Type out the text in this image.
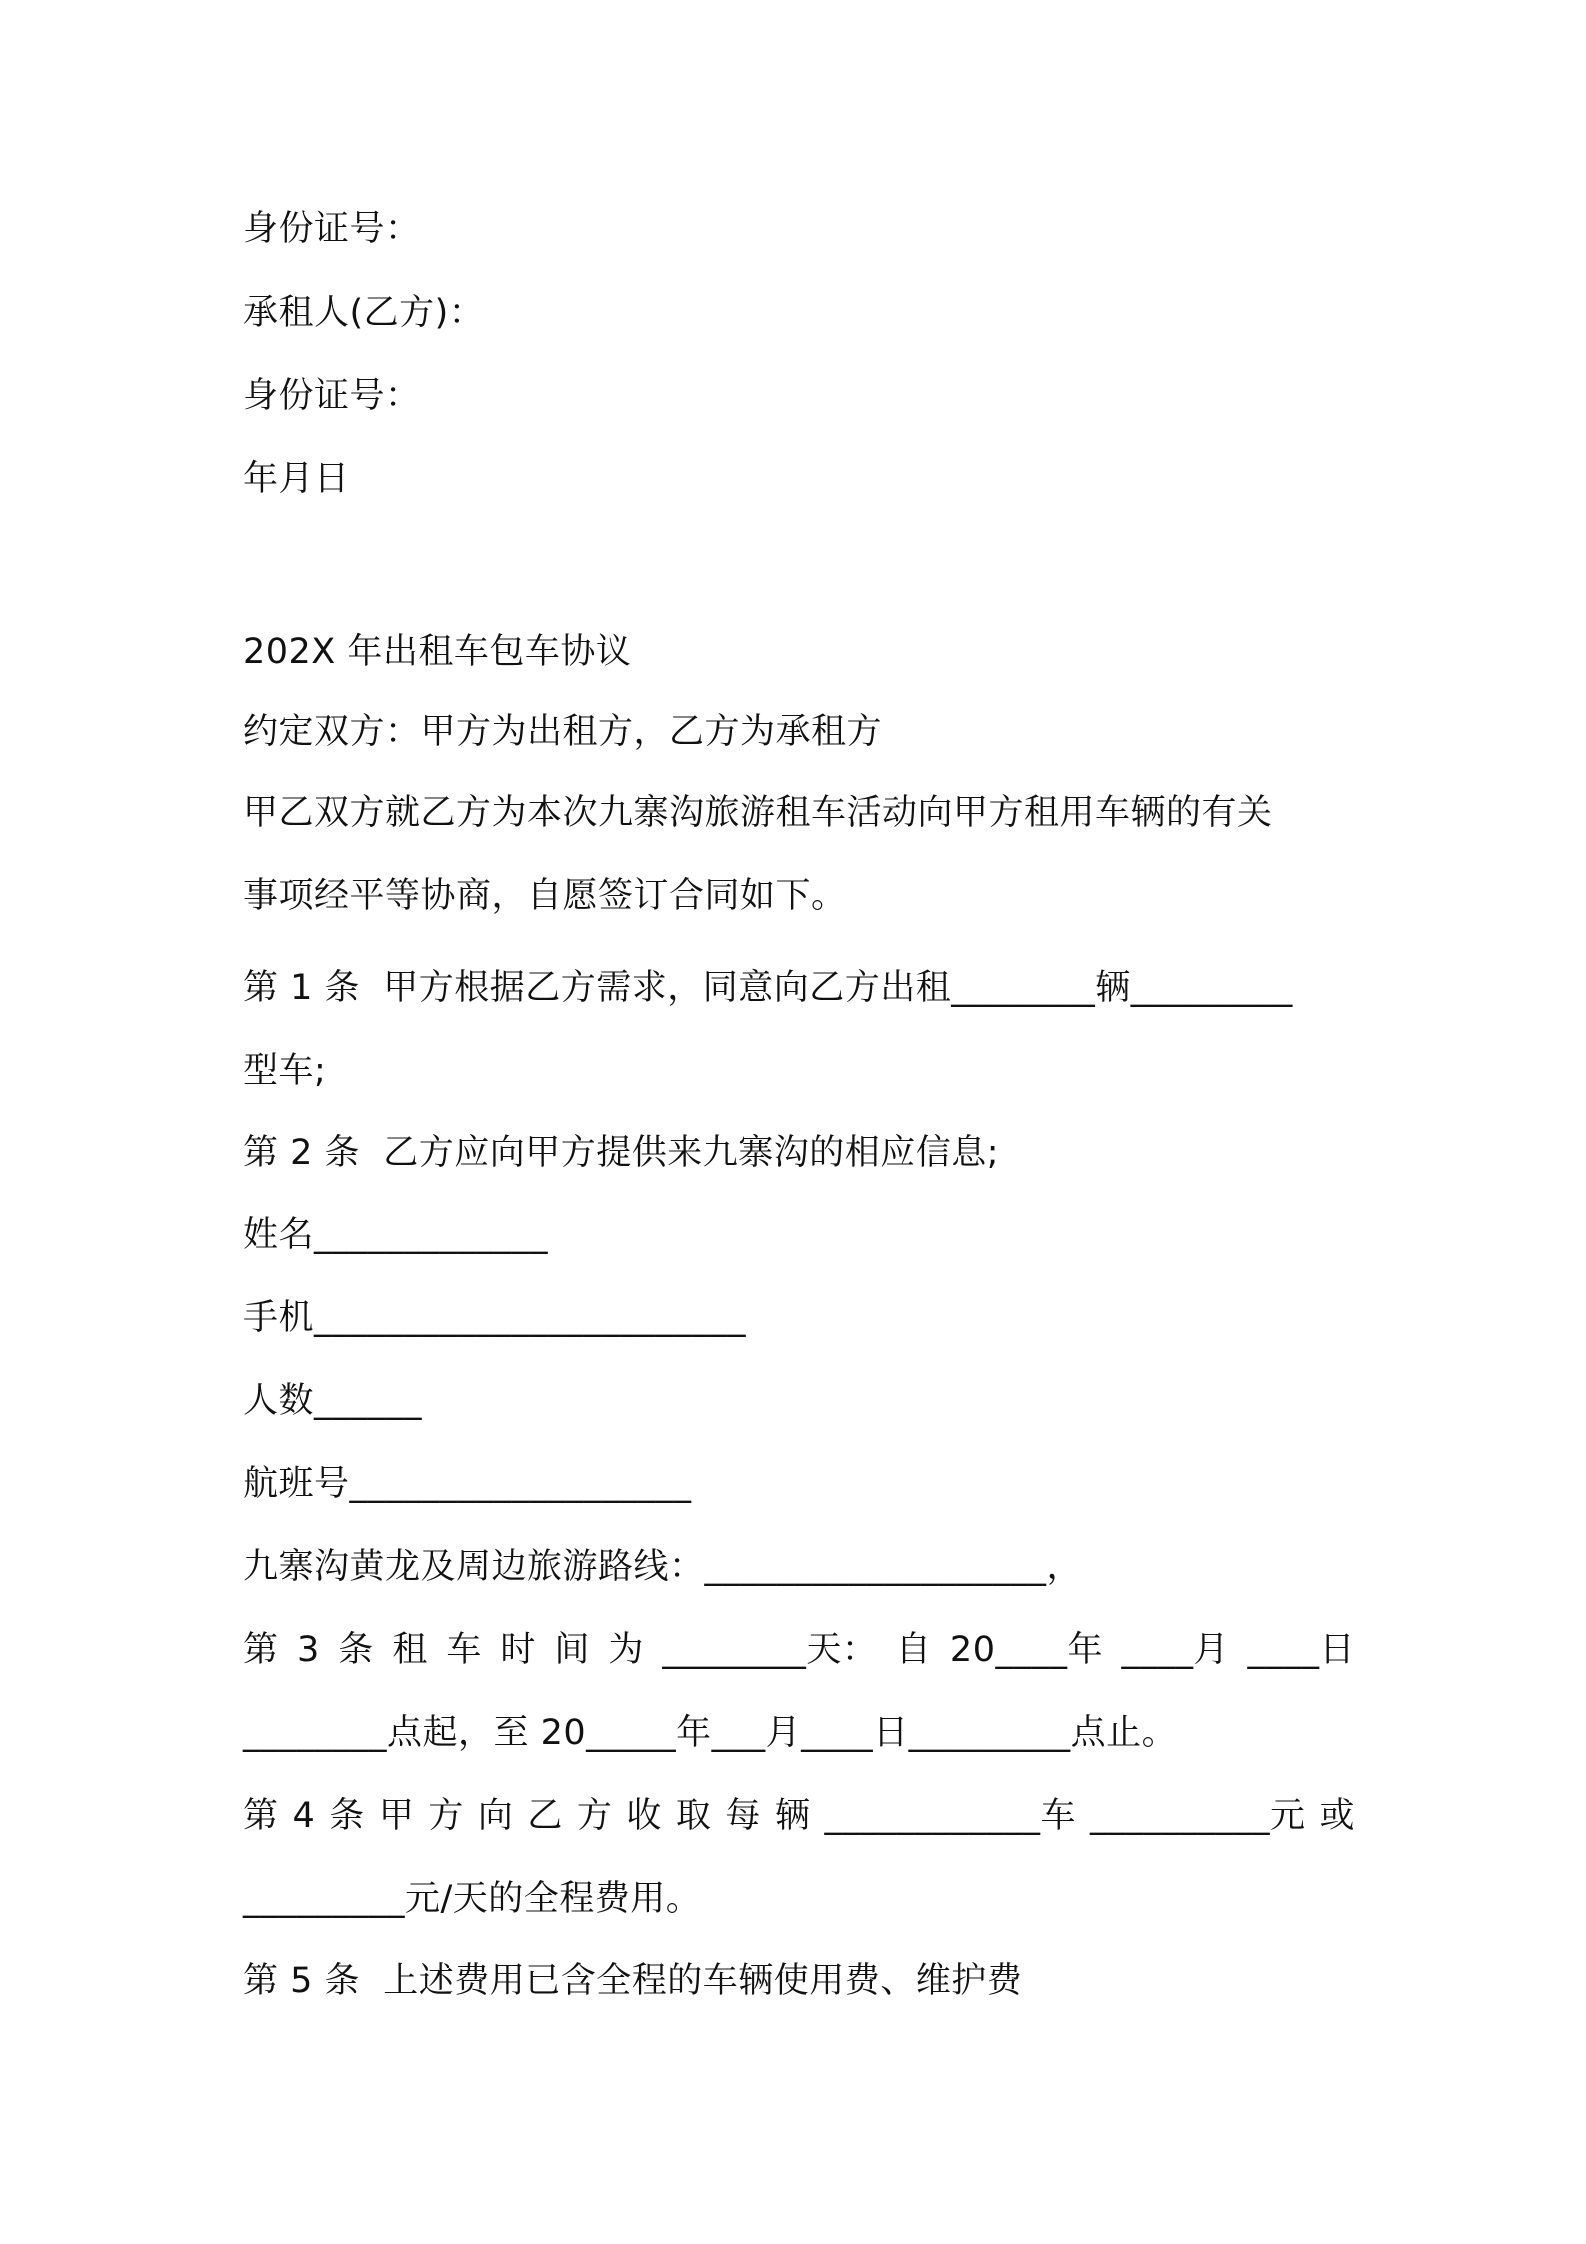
身份证号：

承租人(乙方)：

身份证号：

年月日

202X 年出租车包车协议

约定双方：甲方为出租方，乙方为承租方

甲乙双方就乙方为本次九寨沟旅游租车活动向甲方租用车辆的有关

事项经平等协商，自愿签订合同如下。

第 1 条  甲方根据乙方需求，同意向乙方出租________辆_________

型车;

第 2 条  乙方应向甲方提供来九寨沟的相应信息;

姓名_____________

手机________________________

人数______

航班号___________________

九寨沟黄龙及周边旅游路线：___________________，

第 3 条 租 车 时 间 为 ________天： 自 20____年 ____月 ____日

________点起，至 20_____年___月____日_________点止。

第 4 条 甲 方 向 乙 方 收 取 每 辆 ____________车 __________元 或

_________元/天的全程费用。

第 5 条  上述费用已含全程的车辆使用费、维护费
